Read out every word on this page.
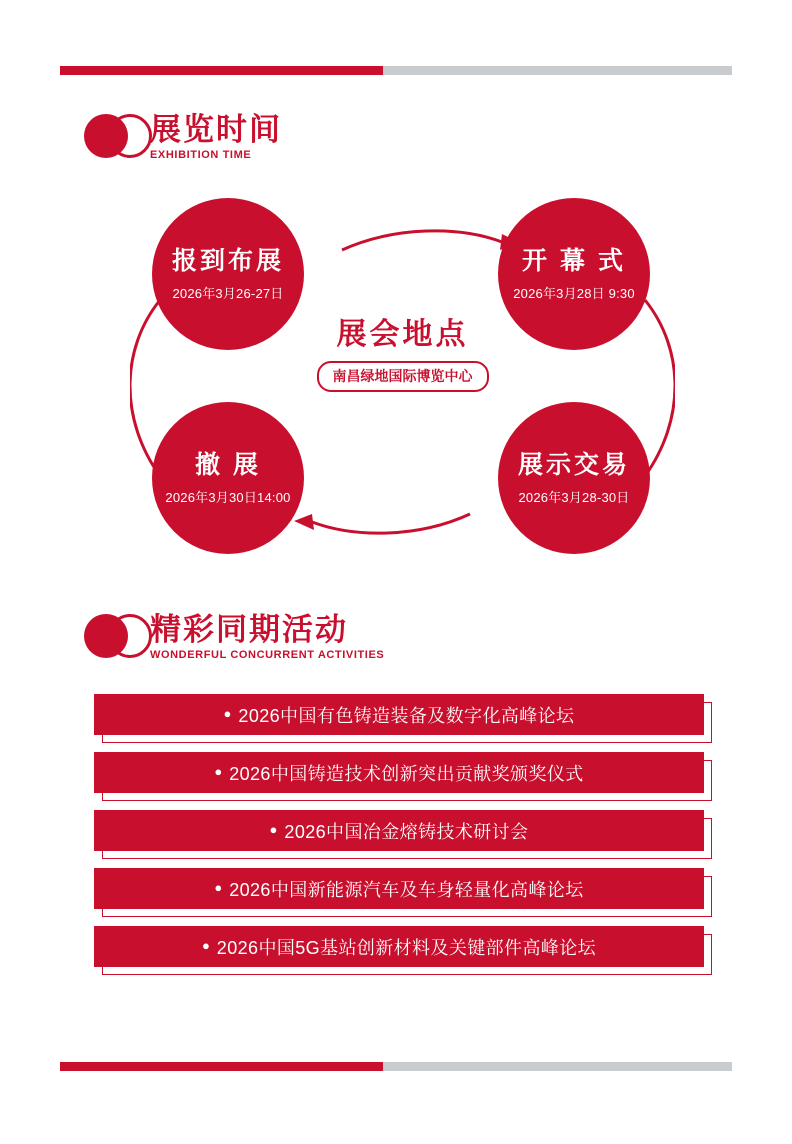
展览时间
EXHIBITION TIME
报到布展
2026年3月26-27日
开 幕 式
2026年3月28日 9:30
撤 展
2026年3月30日14:00
展示交易
2026年3月28-30日
展会地点
南昌绿地国际博览中心
精彩同期活动
WONDERFUL CONCURRENT ACTIVITIES
● 2026中国有色铸造装备及数字化高峰论坛
● 2026中国铸造技术创新突出贡献奖颁奖仪式
● 2026中国冶金熔铸技术研讨会
● 2026中国新能源汽车及车身轻量化高峰论坛
● 2026中国5G基站创新材料及关键部件高峰论坛
